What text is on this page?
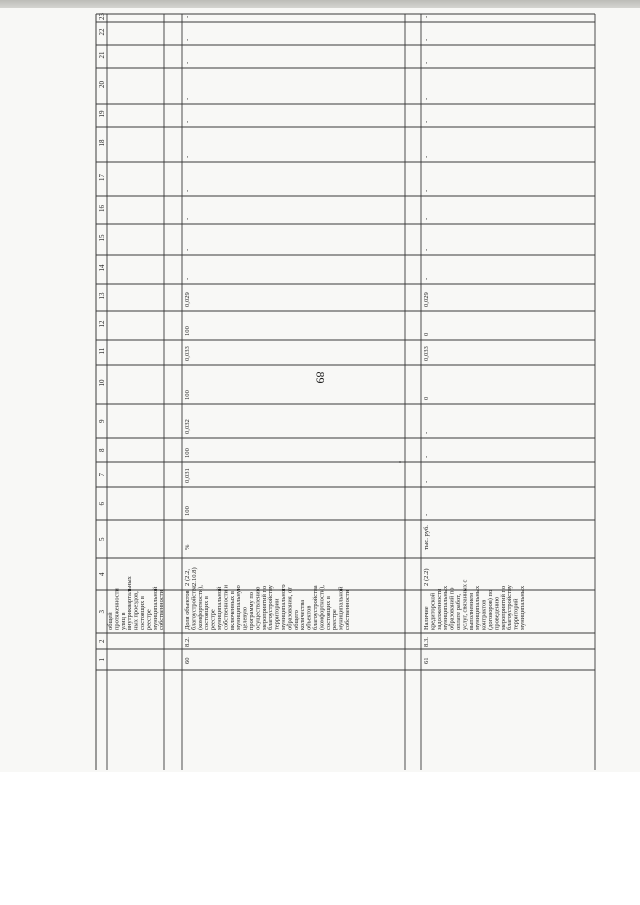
1
2
3
4
5
6
7
8
9
10
11
12
13
14
15
16
17
18
19
20
21
22
23
общей протяженности улиц в внутриквартальных ных проездов, состоящих в реестре муниципальной собственности
60
8.2.
Доля объектов благоустройства (комфортности), состоящих в реестре муниципальной собственности и включенных в муниципальную целевую программу по осуществлению мероприятий по благоустройству территории муниципального образования, от общего количества объектов благоустройства (комфортности), состоящих в реестре муниципальной собственности
2 (2.2, 2.10.8)
%
100
0,031
100
0,032
100
0,033
100
0,029
-
-
-
-
-
-
-
-
-
-
61
8.3.
Наличие кредиторской задолженности муниципальных образований по оплате работ, услуг, связанных с выполнением муниципальных контрактов (договоров) по проведению мероприятий по благоустройству территорий муниципальных
2 (2.2)
тыс. руб.
-
-
-
-
0
0,033
0
0,029
-
-
-
-
-
-
-
-
-
-
89
